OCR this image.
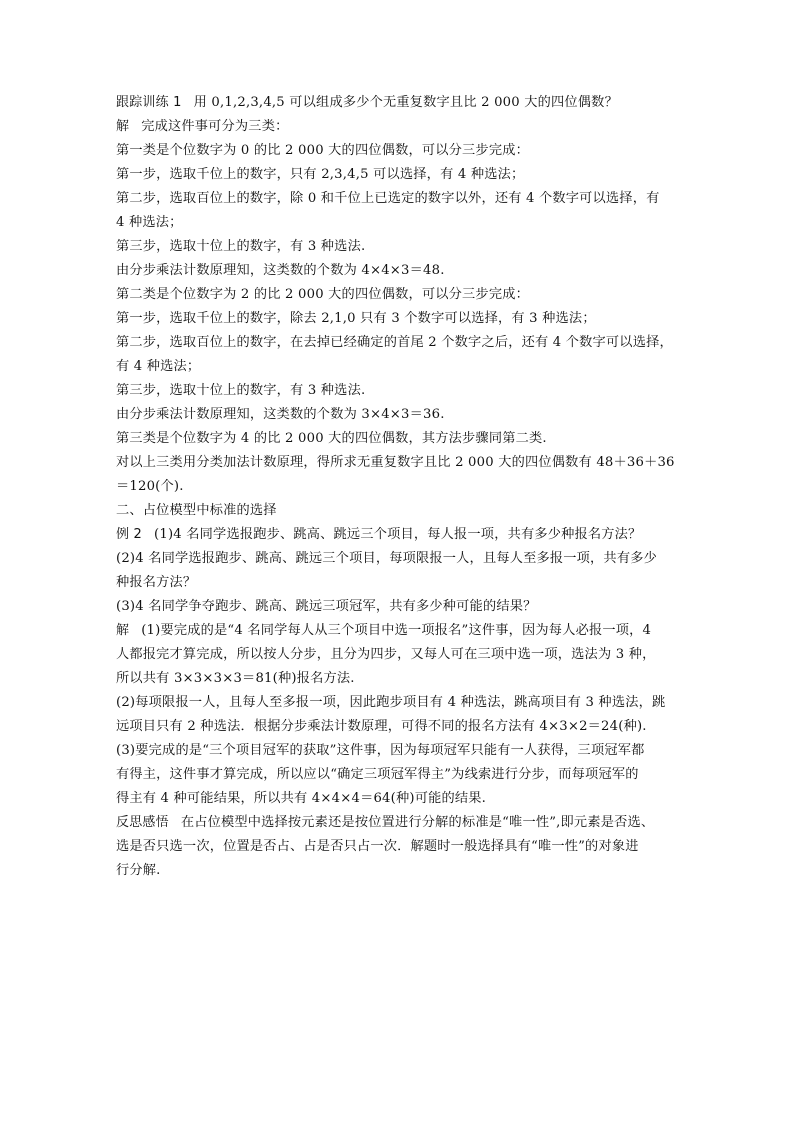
跟踪训练 1 用 0,1,2,3,4,5 可以组成多少个无重复数字且比 2 000 大的四位偶数？
解 完成这件事可分为三类：
第一类是个位数字为 0 的比 2 000 大的四位偶数，可以分三步完成：
第一步，选取千位上的数字，只有 2,3,4,5 可以选择，有 4 种选法；
第二步，选取百位上的数字，除 0 和千位上已选定的数字以外，还有 4 个数字可以选择，有
4 种选法；
第三步，选取十位上的数字，有 3 种选法.
由分步乘法计数原理知，这类数的个数为 4×4×3＝48.
第二类是个位数字为 2 的比 2 000 大的四位偶数，可以分三步完成：
第一步，选取千位上的数字，除去 2,1,0 只有 3 个数字可以选择，有 3 种选法；
第二步，选取百位上的数字，在去掉已经确定的首尾 2 个数字之后，还有 4 个数字可以选择，
有 4 种选法；
第三步，选取十位上的数字，有 3 种选法.
由分步乘法计数原理知，这类数的个数为 3×4×3＝36.
第三类是个位数字为 4 的比 2 000 大的四位偶数，其方法步骤同第二类.
对以上三类用分类加法计数原理，得所求无重复数字且比 2 000 大的四位偶数有 48＋36＋36
＝120(个).
二、占位模型中标准的选择
例 2 (1)4 名同学选报跑步、跳高、跳远三个项目，每人报一项，共有多少种报名方法？
(2)4 名同学选报跑步、跳高、跳远三个项目，每项限报一人，且每人至多报一项，共有多少
种报名方法？
(3)4 名同学争夺跑步、跳高、跳远三项冠军，共有多少种可能的结果？
解 (1)要完成的是“4 名同学每人从三个项目中选一项报名”这件事，因为每人必报一项，4
人都报完才算完成，所以按人分步，且分为四步，又每人可在三项中选一项，选法为 3 种，
所以共有 3×3×3×3＝81(种)报名方法.
(2)每项限报一人，且每人至多报一项，因此跑步项目有 4 种选法，跳高项目有 3 种选法，跳
远项目只有 2 种选法．根据分步乘法计数原理，可得不同的报名方法有 4×3×2＝24(种).
(3)要完成的是“三个项目冠军的获取”这件事，因为每项冠军只能有一人获得，三项冠军都
有得主，这件事才算完成，所以应以“确定三项冠军得主”为线索进行分步，而每项冠军的
得主有 4 种可能结果，所以共有 4×4×4＝64(种)可能的结果.
反思感悟 在占位模型中选择按元素还是按位置进行分解的标准是“唯一性”,即元素是否选、
选是否只选一次，位置是否占、占是否只占一次．解题时一般选择具有“唯一性”的对象进
行分解.
